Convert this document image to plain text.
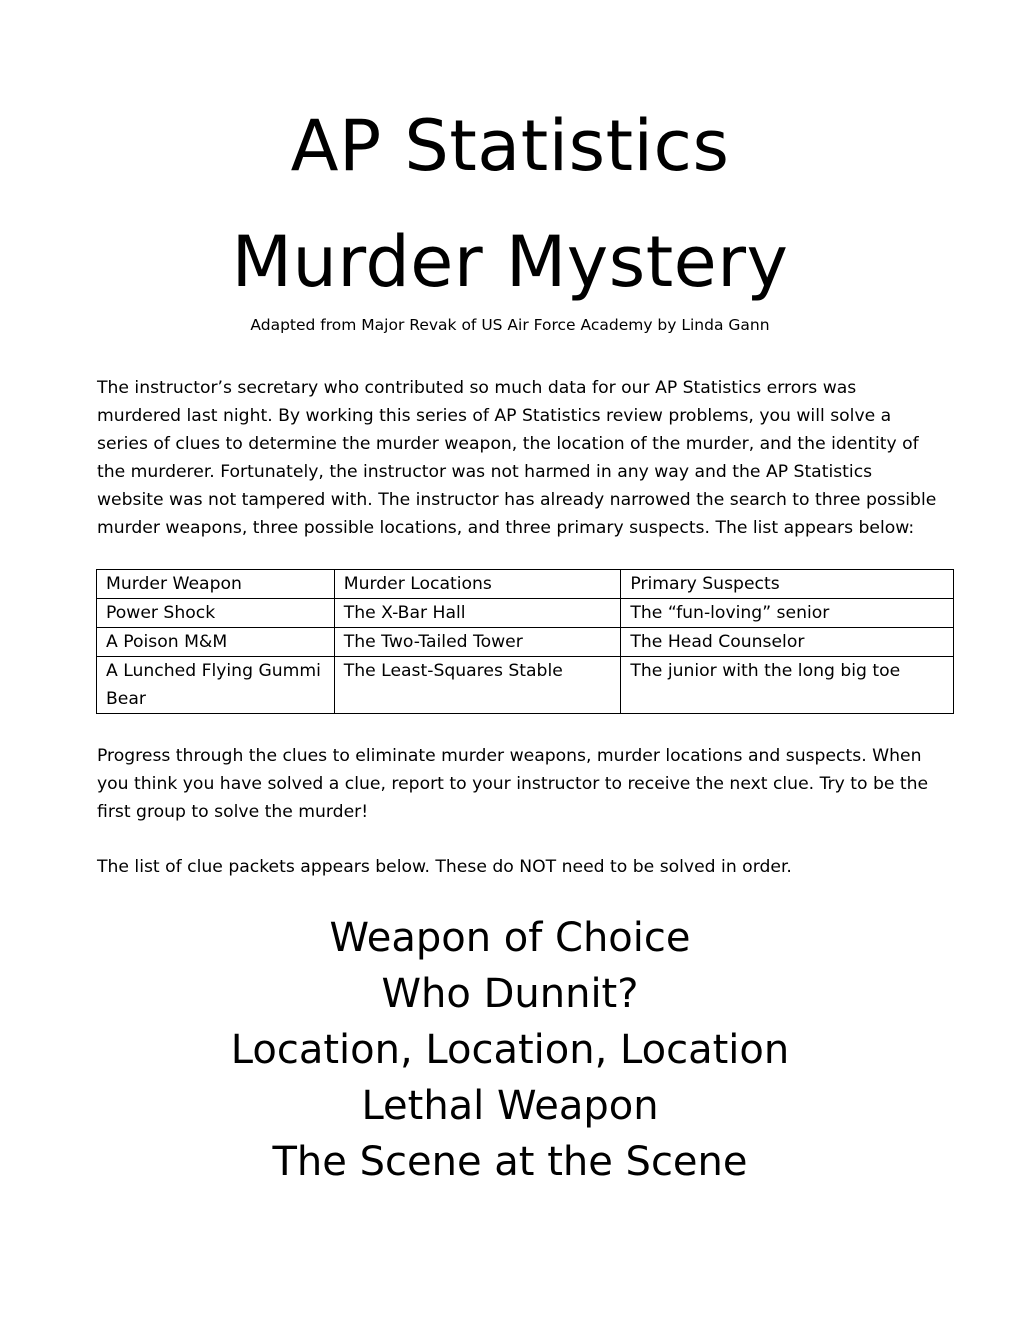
AP Statistics
Murder Mystery
Adapted from Major Revak of US Air Force Academy by Linda Gann

The instructor’s secretary who contributed so much data for our AP Statistics errors was murdered last night. By working this series of AP Statistics review problems, you will solve a series of clues to determine the murder weapon, the location of the murder, and the identity of the murderer. Fortunately, the instructor was not harmed in any way and the AP Statistics website was not tampered with. The instructor has already narrowed the search to three possible murder weapons, three possible locations, and three primary suspects. The list appears below:

Murder Weapon	Murder Locations	Primary Suspects
Power Shock	The X-Bar Hall	The “fun-loving” senior
A Poison M&M	The Two-Tailed Tower	The Head Counselor
A Lunched Flying Gummi Bear	The Least-Squares Stable	The junior with the long big toe

Progress through the clues to eliminate murder weapons, murder locations and suspects. When you think you have solved a clue, report to your instructor to receive the next clue. Try to be the first group to solve the murder!

The list of clue packets appears below. These do NOT need to be solved in order.

Weapon of Choice
Who Dunnit?
Location, Location, Location
Lethal Weapon
The Scene at the Scene
